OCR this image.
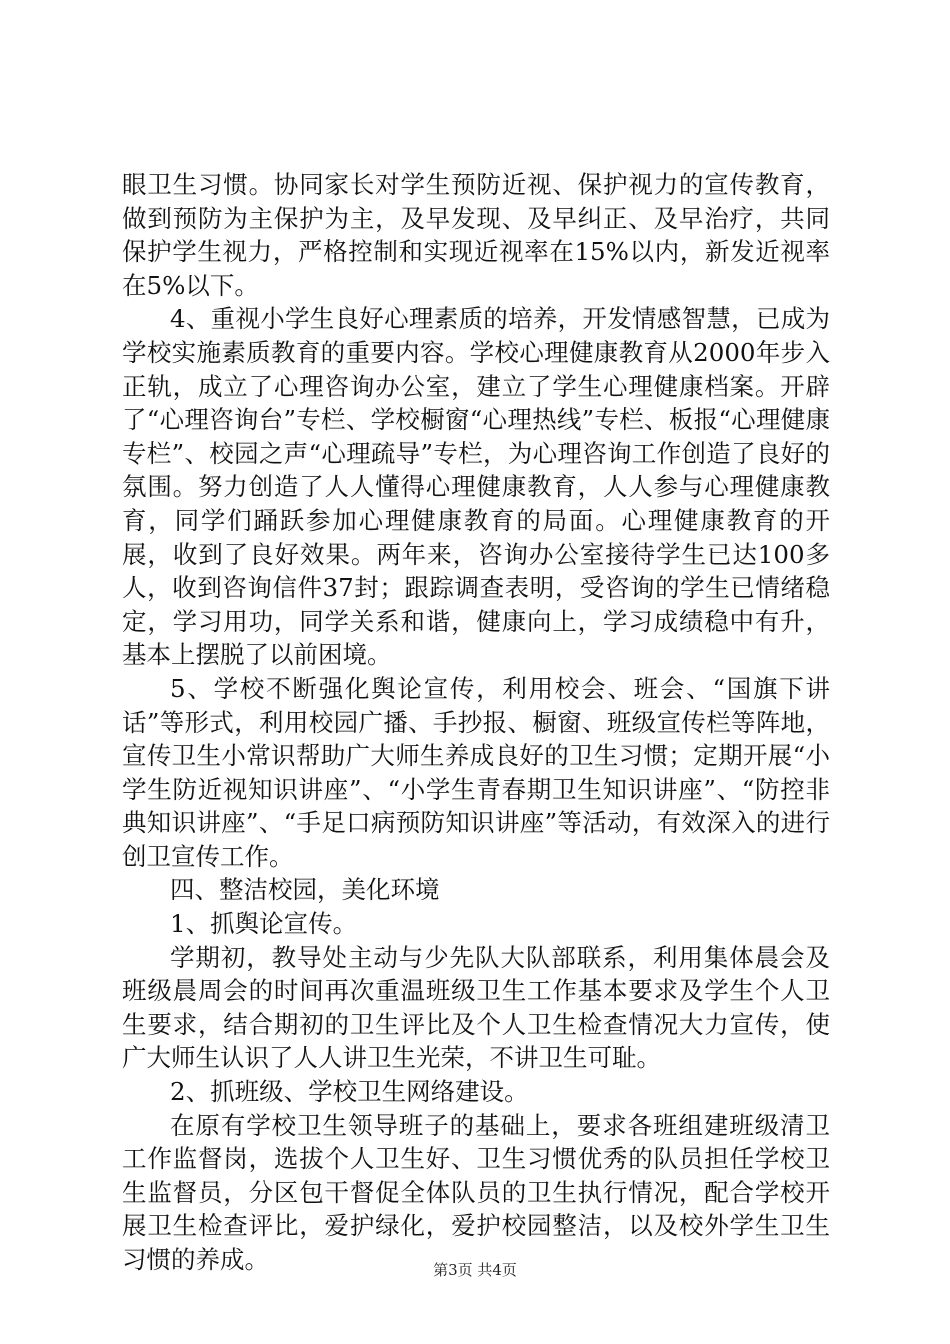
眼卫生习惯。协同家长对学生预防近视、保护视力的宣传教育，做到预防为主保护为主，及早发现、及早纠正、及早治疗，共同保护学生视力，严格控制和实现近视率在15%以内，新发近视率在5%以下。

4、重视小学生良好心理素质的培养，开发情感智慧，已成为学校实施素质教育的重要内容。学校心理健康教育从2000年步入正轨，成立了心理咨询办公室，建立了学生心理健康档案。开辟了“心理咨询台”专栏、学校橱窗“心理热线”专栏、板报“心理健康专栏”、校园之声“心理疏导”专栏，为心理咨询工作创造了良好的氛围。努力创造了人人懂得心理健康教育，人人参与心理健康教育，同学们踊跃参加心理健康教育的局面。心理健康教育的开展，收到了良好效果。两年来，咨询办公室接待学生已达100多人，收到咨询信件37封；跟踪调查表明，受咨询的学生已情绪稳定，学习用功，同学关系和谐，健康向上，学习成绩稳中有升，基本上摆脱了以前困境。

5、学校不断强化舆论宣传，利用校会、班会、“国旗下讲话”等形式，利用校园广播、手抄报、橱窗、班级宣传栏等阵地，宣传卫生小常识帮助广大师生养成良好的卫生习惯；定期开展“小学生防近视知识讲座”、“小学生青春期卫生知识讲座”、“防控非典知识讲座”、“手足口病预防知识讲座”等活动，有效深入的进行创卫宣传工作。

四、整洁校园，美化环境

1、抓舆论宣传。

学期初，教导处主动与少先队大队部联系，利用集体晨会及班级晨周会的时间再次重温班级卫生工作基本要求及学生个人卫生要求，结合期初的卫生评比及个人卫生检查情况大力宣传，使广大师生认识了人人讲卫生光荣，不讲卫生可耻。

2、抓班级、学校卫生网络建设。

在原有学校卫生领导班子的基础上，要求各班组建班级清卫工作监督岗，选拔个人卫生好、卫生习惯优秀的队员担任学校卫生监督员，分区包干督促全体队员的卫生执行情况，配合学校开展卫生检查评比，爱护绿化，爱护校园整洁，以及校外学生卫生习惯的养成。	第3页 共4页
